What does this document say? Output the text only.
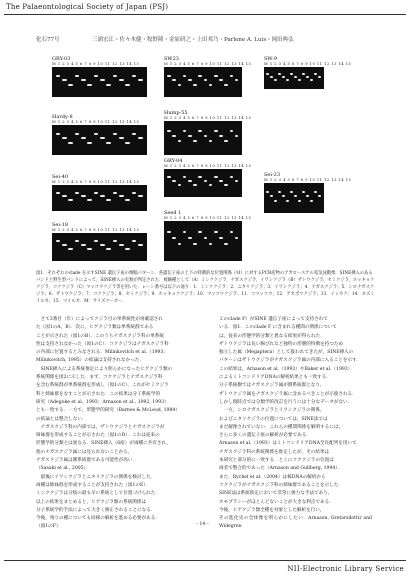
The Palaeontological Society of Japan (PSJ)
化石77号	三浦宏江・佐々木健・牧野隆・金原研之・上田邦乃・Parlene A. Luis・岡田典弘
GRY-03
M 1 2 3 4 5 6 7 8 9 10 11 12 13 14 15
Hardy-8
M 1 2 3 4 5 6 7 8 9 10 11 12 13 14 15
Sei-40
M 1 2 3 4 5 6 7 8 9 10 11 12 13 14 15
Sei-18
M 1 2 3 4 5 6 7 8 9 10 11 12 13 14 15
SW23
M 1 2 3 4 5 6 7 8 9 10 11 12 13 14 15
Hump-55
M 1 2 3 4 5 6 7 8 9 10 11 12 13 14 15
GRY-04
M 1 2 3 4 5 6 7 8 9 10 11 12 13 14 15
Seed 1
M 1 2 3 4 5 6 7 8 9 10 11 12 13 14 15
SW-9
M 1 2 3 4 5 6 7 8 9 10 11 12 13 14 15
Sei-23
M 1 2 3 4 5 6 7 8 9 10 11 12 13 14 15
図1．それぞれのclade を示すSINE 遺伝子座の増幅パターン．各遺伝子座の上下の特徴的な位置関係（Ｍ）に対するPCR産物のアガロースゲル電気泳動像．SINE挿入のあるバンドと野生型バンドによって，SINE挿入の有無が判定された．被験種として（A）ミンククジラ，ナガスクジラ，イワシクジラ（B）ザトウクジラ，セミクジラ，ホッキョククジラ，コククジラ（C）マッコウクジラ等を用いた．レーン番号は以下の通り：1．ミンククジラ；2．ニタリクジラ；3．イワシクジラ；4．ナガスクジラ；5．シロナガスクジラ；6．ザトウクジラ；7．コククジラ；8．セミクジラ；9．ホッキョククジラ；10．マッコウクジラ；11．コマッコウ；12．アカボウクジラ；13．イッカク；14．ネズミイルカ；15．マイルカ．M：サイズマーカー．
　さて3番目（年）によってクジラ目の単系統性が再確認され
た（図1のA，B）．次に，ヒゲクジラ類は単系統群である
ことが示された（図1のB）．このうちナガスクジラ科の単系統
性は支持されなかった（図1のC）．コククジラはナガスクジラ科
の内部に位置するとみなされる．Milinkovitch et al.（1993；
Milinkovitch, 1995）の結論は支持されなかった．
　SINE挿入による系統推定により明らかになったヒゲクジラ類の
系統関係を図2に示した．まず，コククジラとナガスクジラ科
を含む系統群が単系統群を形成し（図1のC），これがセミクジラ
科と姉妹群をなすことが示された．この結果は分子系統学的
研究（Adegoke et al., 1993；Arnason et al., 1992, 1993）
とも一致する．一方で，形態学的研究（Barnes & McLeod, 1984）
の結論とは整合しない．
　ナガスクジラ科の内部では，ザトウクジラとナガスクジラが
姉妹群を形成することが示された（図1のD）．これは従来の
形態学的分類とは異なる．SINE挿入（6座）が両種に共有され，
他のナガスクジラ属には見られないことから，
ナガスクジラ属は側系統群である可能性が高い．
（Sasaki et al., 2005）．
　最後にイワシクジラとニタリクジラの関係を検討した．
両種は姉妹群を形成することが支持された（図1のE）．
ミンククジラは分岐の最も早い系統として位置づけられた．
以上の結果をまとめると，ヒゲクジラ類の系統関係は
分子系統学的手法によって大きく修正されることになる．
今後，残りの種についても同様の解析を進める必要がある．
（図1のF）．
２のclade F）がSINE 遺伝子座によって支持されて
いる．図1．このclade F に含まれる種間の関係について
は，従来の形態学的分類と異なる結果が得られた．
ザトウクジラは長い胸びれなど独特の形態的特徴を持つため
独立した属（Megaptera）として扱われてきたが，SINE挿入の
パターンはザトウクジラがナガスクジラ属の内部に入ることを示す．
この結果は，Arnason et al.（1993）やBaker et al.（1993）
によるミトコンドリアDNAの解析結果とも一致する．
分子系統樹ではナガスクジラ属が側系統群となり，
ザトウクジラ属をナガスクジラ属に含めるべきことが示唆される．
しかし現時点では分類学的改訂を行うには十分なデータがない．
　一方，シロナガスクジラとイワシクジラの関係，
およびニタリクジラの位置については，SINE法では
まだ解像されていない．これらの種間関係を解明するには，
さらに多くの遺伝子座の解析が必要である．
Arnason et al.（1993）はミトコンドリアDNA全長配列を用いて
ナガスクジラ科の系統関係を推定したが，その結果は
本研究と部分的に一致する．とくにコククジラの位置は
両者で整合的であった（Arnason and Gullberg, 1994）．
また，Rychel et al.（2004）は核DNAの解析から
コククジラがナガスクジラ科の姉妹群であることを示した．
SINE法は系統推定において非常に強力な手法であり，
ホモプラシーがほとんどないことが大きな利点である．
今後，ヒゲクジラ類全種を対象とした解析を行い，
その進化史の全体像を明らかにしたい．Arnason, Gretarsdottir and Widegren
－14－
NII-Electronic Library Service
